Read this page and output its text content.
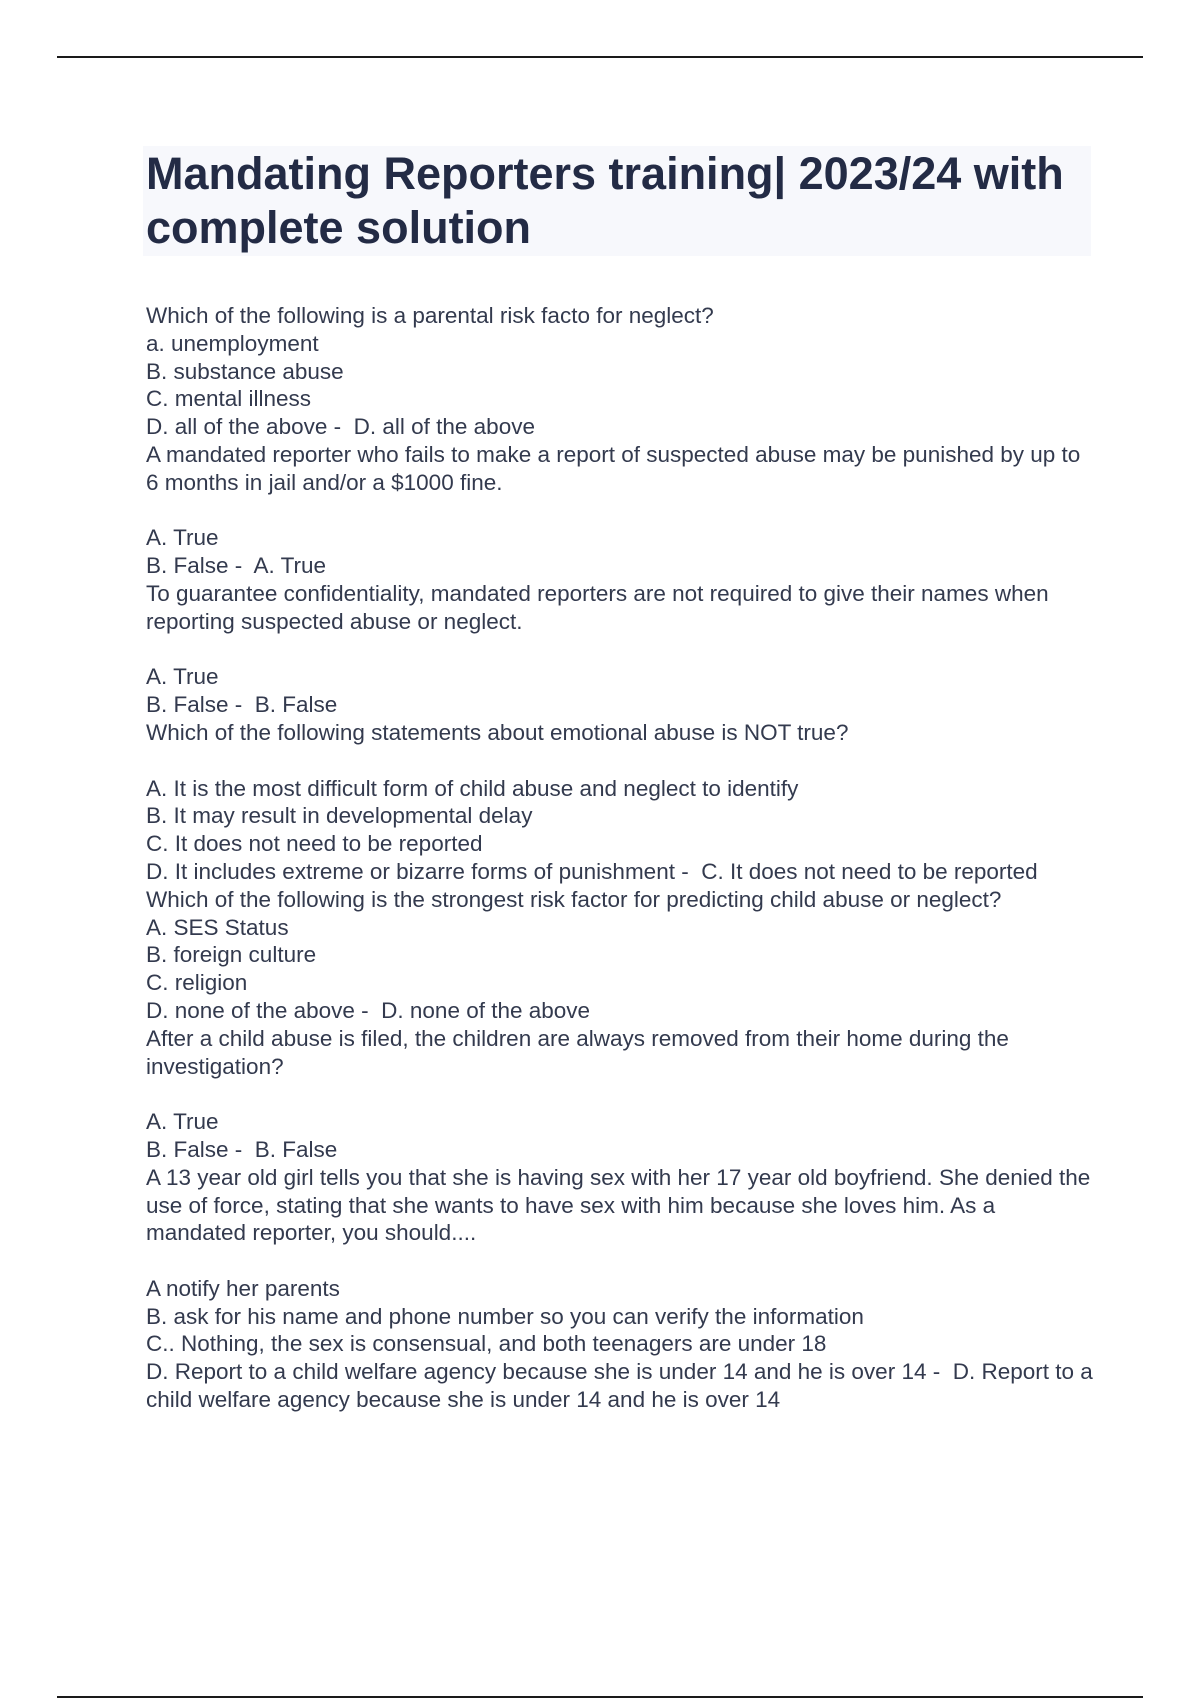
Mandating Reporters training| 2023/24 with complete solution
Which of the following is a parental risk facto for neglect?
a. unemployment
B. substance abuse
C. mental illness
D. all of the above -  D. all of the above
A mandated reporter who fails to make a report of suspected abuse may be punished by up to 6 months in jail and/or a $1000 fine.
A. True
B. False -  A. True
To guarantee confidentiality, mandated reporters are not required to give their names when reporting suspected abuse or neglect.
A. True
B. False -  B. False
Which of the following statements about emotional abuse is NOT true?
A. It is the most difficult form of child abuse and neglect to identify
B. It may result in developmental delay
C. It does not need to be reported
D. It includes extreme or bizarre forms of punishment -  C. It does not need to be reported
Which of the following is the strongest risk factor for predicting child abuse or neglect?
A. SES Status
B. foreign culture
C. religion
D. none of the above -  D. none of the above
After a child abuse is filed, the children are always removed from their home during the investigation?
A. True
B. False -  B. False
A 13 year old girl tells you that she is having sex with her 17 year old boyfriend. She denied the use of force, stating that she wants to have sex with him because she loves him. As a mandated reporter, you should....
A notify her parents
B. ask for his name and phone number so you can verify the information
C.. Nothing, the sex is consensual, and both teenagers are under 18
D. Report to a child welfare agency because she is under 14 and he is over 14 -  D. Report to a child welfare agency because she is under 14 and he is over 14
